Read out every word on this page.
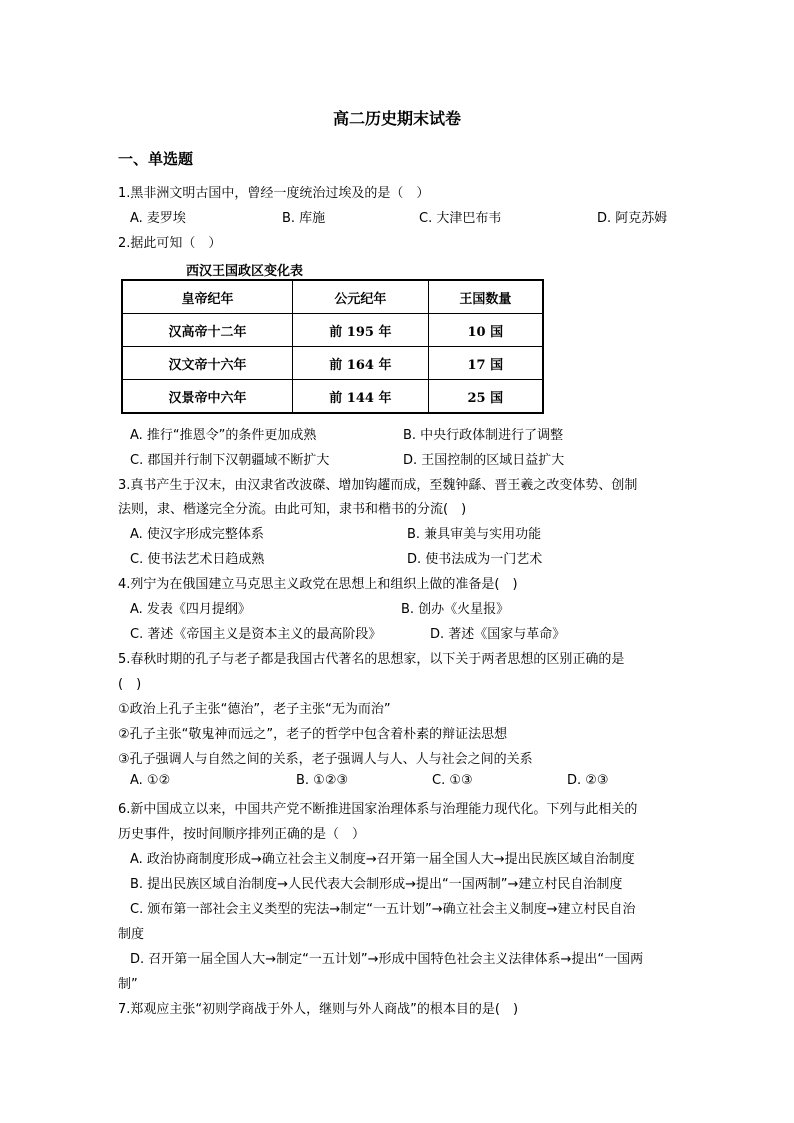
高二历史期末试卷
一、单选题
1.黑非洲文明古国中，曾经一度统治过埃及的是（　）
A. 麦罗埃	B. 库施	C. 大津巴布韦	D. 阿克苏姆
2.据此可知（　）
西汉王国政区变化表
皇帝纪年	公元纪年	王国数量
汉高帝十二年	前 195 年	10 国
汉文帝十六年	前 164 年	17 国
汉景帝中六年	前 144 年	25 国
A. 推行“推恩令”的条件更加成熟	B. 中央行政体制进行了调整
C. 郡国并行制下汉朝疆域不断扩大	D. 王国控制的区域日益扩大
3.真书产生于汉末，由汉隶省改波磔、增加钩趯而成，至魏钟繇、晋王羲之改变体势、创制
法则，隶、楷遂完全分流。由此可知，隶书和楷书的分流(　)
A. 使汉字形成完整体系	B. 兼具审美与实用功能
C. 使书法艺术日趋成熟	D. 使书法成为一门艺术
4.列宁为在俄国建立马克思主义政党在思想上和组织上做的准备是(　)
A. 发表《四月提纲》	B. 创办《火星报》
C. 著述《帝国主义是资本主义的最高阶段》	D. 著述《国家与革命》
5.春秋时期的孔子与老子都是我国古代著名的思想家，以下关于两者思想的区别正确的是
(　)
①政治上孔子主张“德治”，老子主张“无为而治”
②孔子主张“敬鬼神而远之”，老子的哲学中包含着朴素的辩证法思想
③孔子强调人与自然之间的关系，老子强调人与人、人与社会之间的关系
A. ①②	B. ①②③	C. ①③	D. ②③
6.新中国成立以来，中国共产党不断推进国家治理体系与治理能力现代化。下列与此相关的
历史事件，按时间顺序排列正确的是（　）
A. 政治协商制度形成→确立社会主义制度→召开第一届全国人大→提出民族区域自治制度
B. 提出民族区域自治制度→人民代表大会制形成→提出“一国两制”→建立村民自治制度
C. 颁布第一部社会主义类型的宪法→制定“一五计划”→确立社会主义制度→建立村民自治
制度
D. 召开第一届全国人大→制定“一五计划”→形成中国特色社会主义法律体系→提出“一国两
制”
7.郑观应主张“初则学商战于外人，继则与外人商战”的根本目的是(　)
